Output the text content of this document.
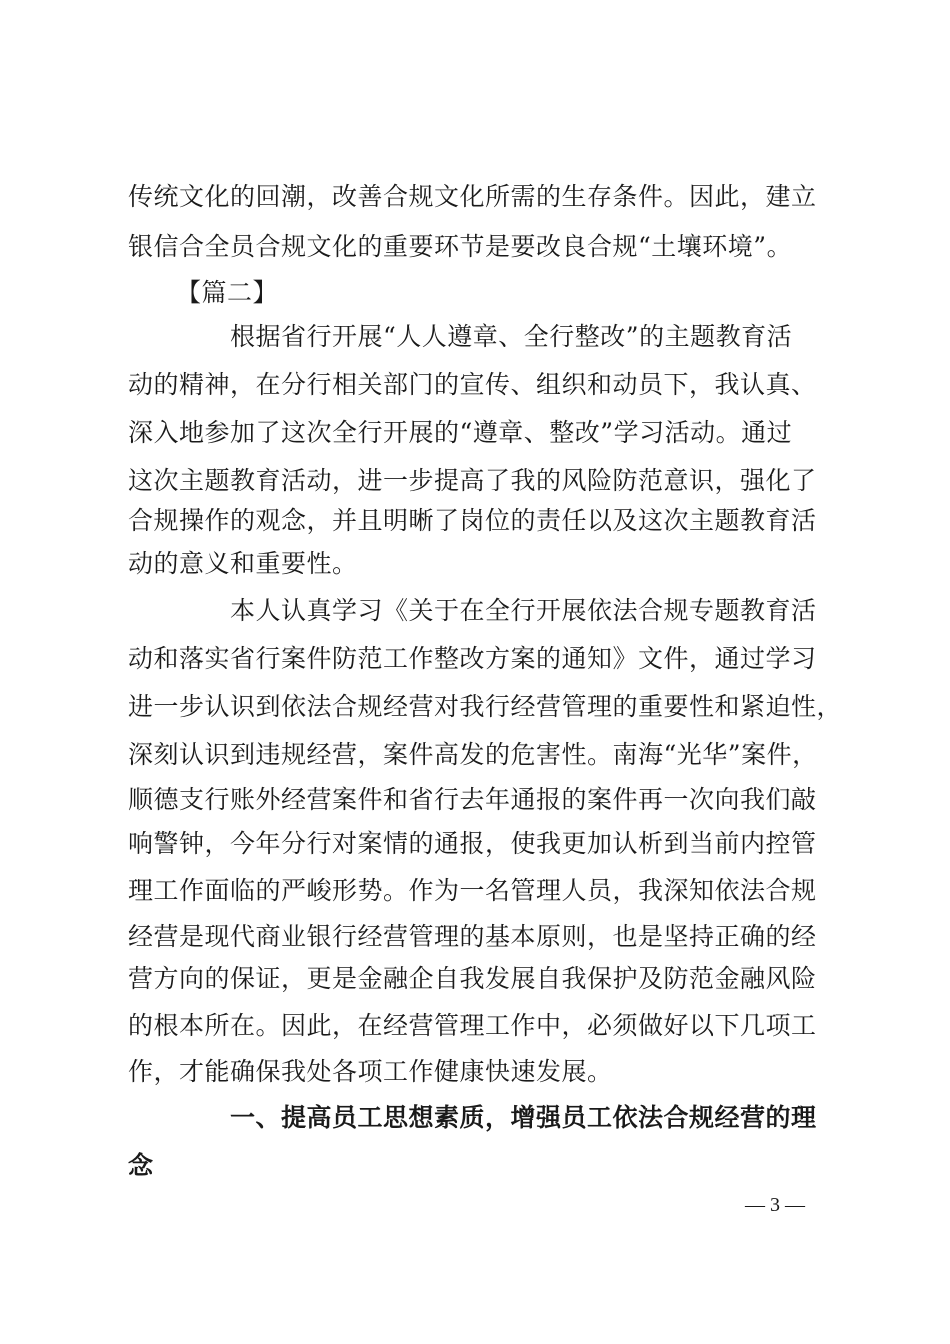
传统文化的回潮，改善合规文化所需的生存条件。因此，建立
银信合全员合规文化的重要环节是要改良合规“土壤环境”。
【篇二】
根据省行开展“人人遵章、全行整改”的主题教育活
动的精神，在分行相关部门的宣传、组织和动员下，我认真、
深入地参加了这次全行开展的“遵章、整改”学习活动。通过
这次主题教育活动，进一步提高了我的风险防范意识，强化了
合规操作的观念，并且明晰了岗位的责任以及这次主题教育活
动的意义和重要性。
本人认真学习《关于在全行开展依法合规专题教育活
动和落实省行案件防范工作整改方案的通知》文件，通过学习
进一步认识到依法合规经营对我行经营管理的重要性和紧迫性，
深刻认识到违规经营，案件高发的危害性。南海“光华”案件，
顺德支行账外经营案件和省行去年通报的案件再一次向我们敲
响警钟，今年分行对案情的通报，使我更加认析到当前内控管
理工作面临的严峻形势。作为一名管理人员，我深知依法合规
经营是现代商业银行经营管理的基本原则，也是坚持正确的经
营方向的保证，更是金融企自我发展自我保护及防范金融风险
的根本所在。因此，在经营管理工作中，必须做好以下几项工
作，才能确保我处各项工作健康快速发展。
一、提高员工思想素质，增强员工依法合规经营的理
念
— 3 —
